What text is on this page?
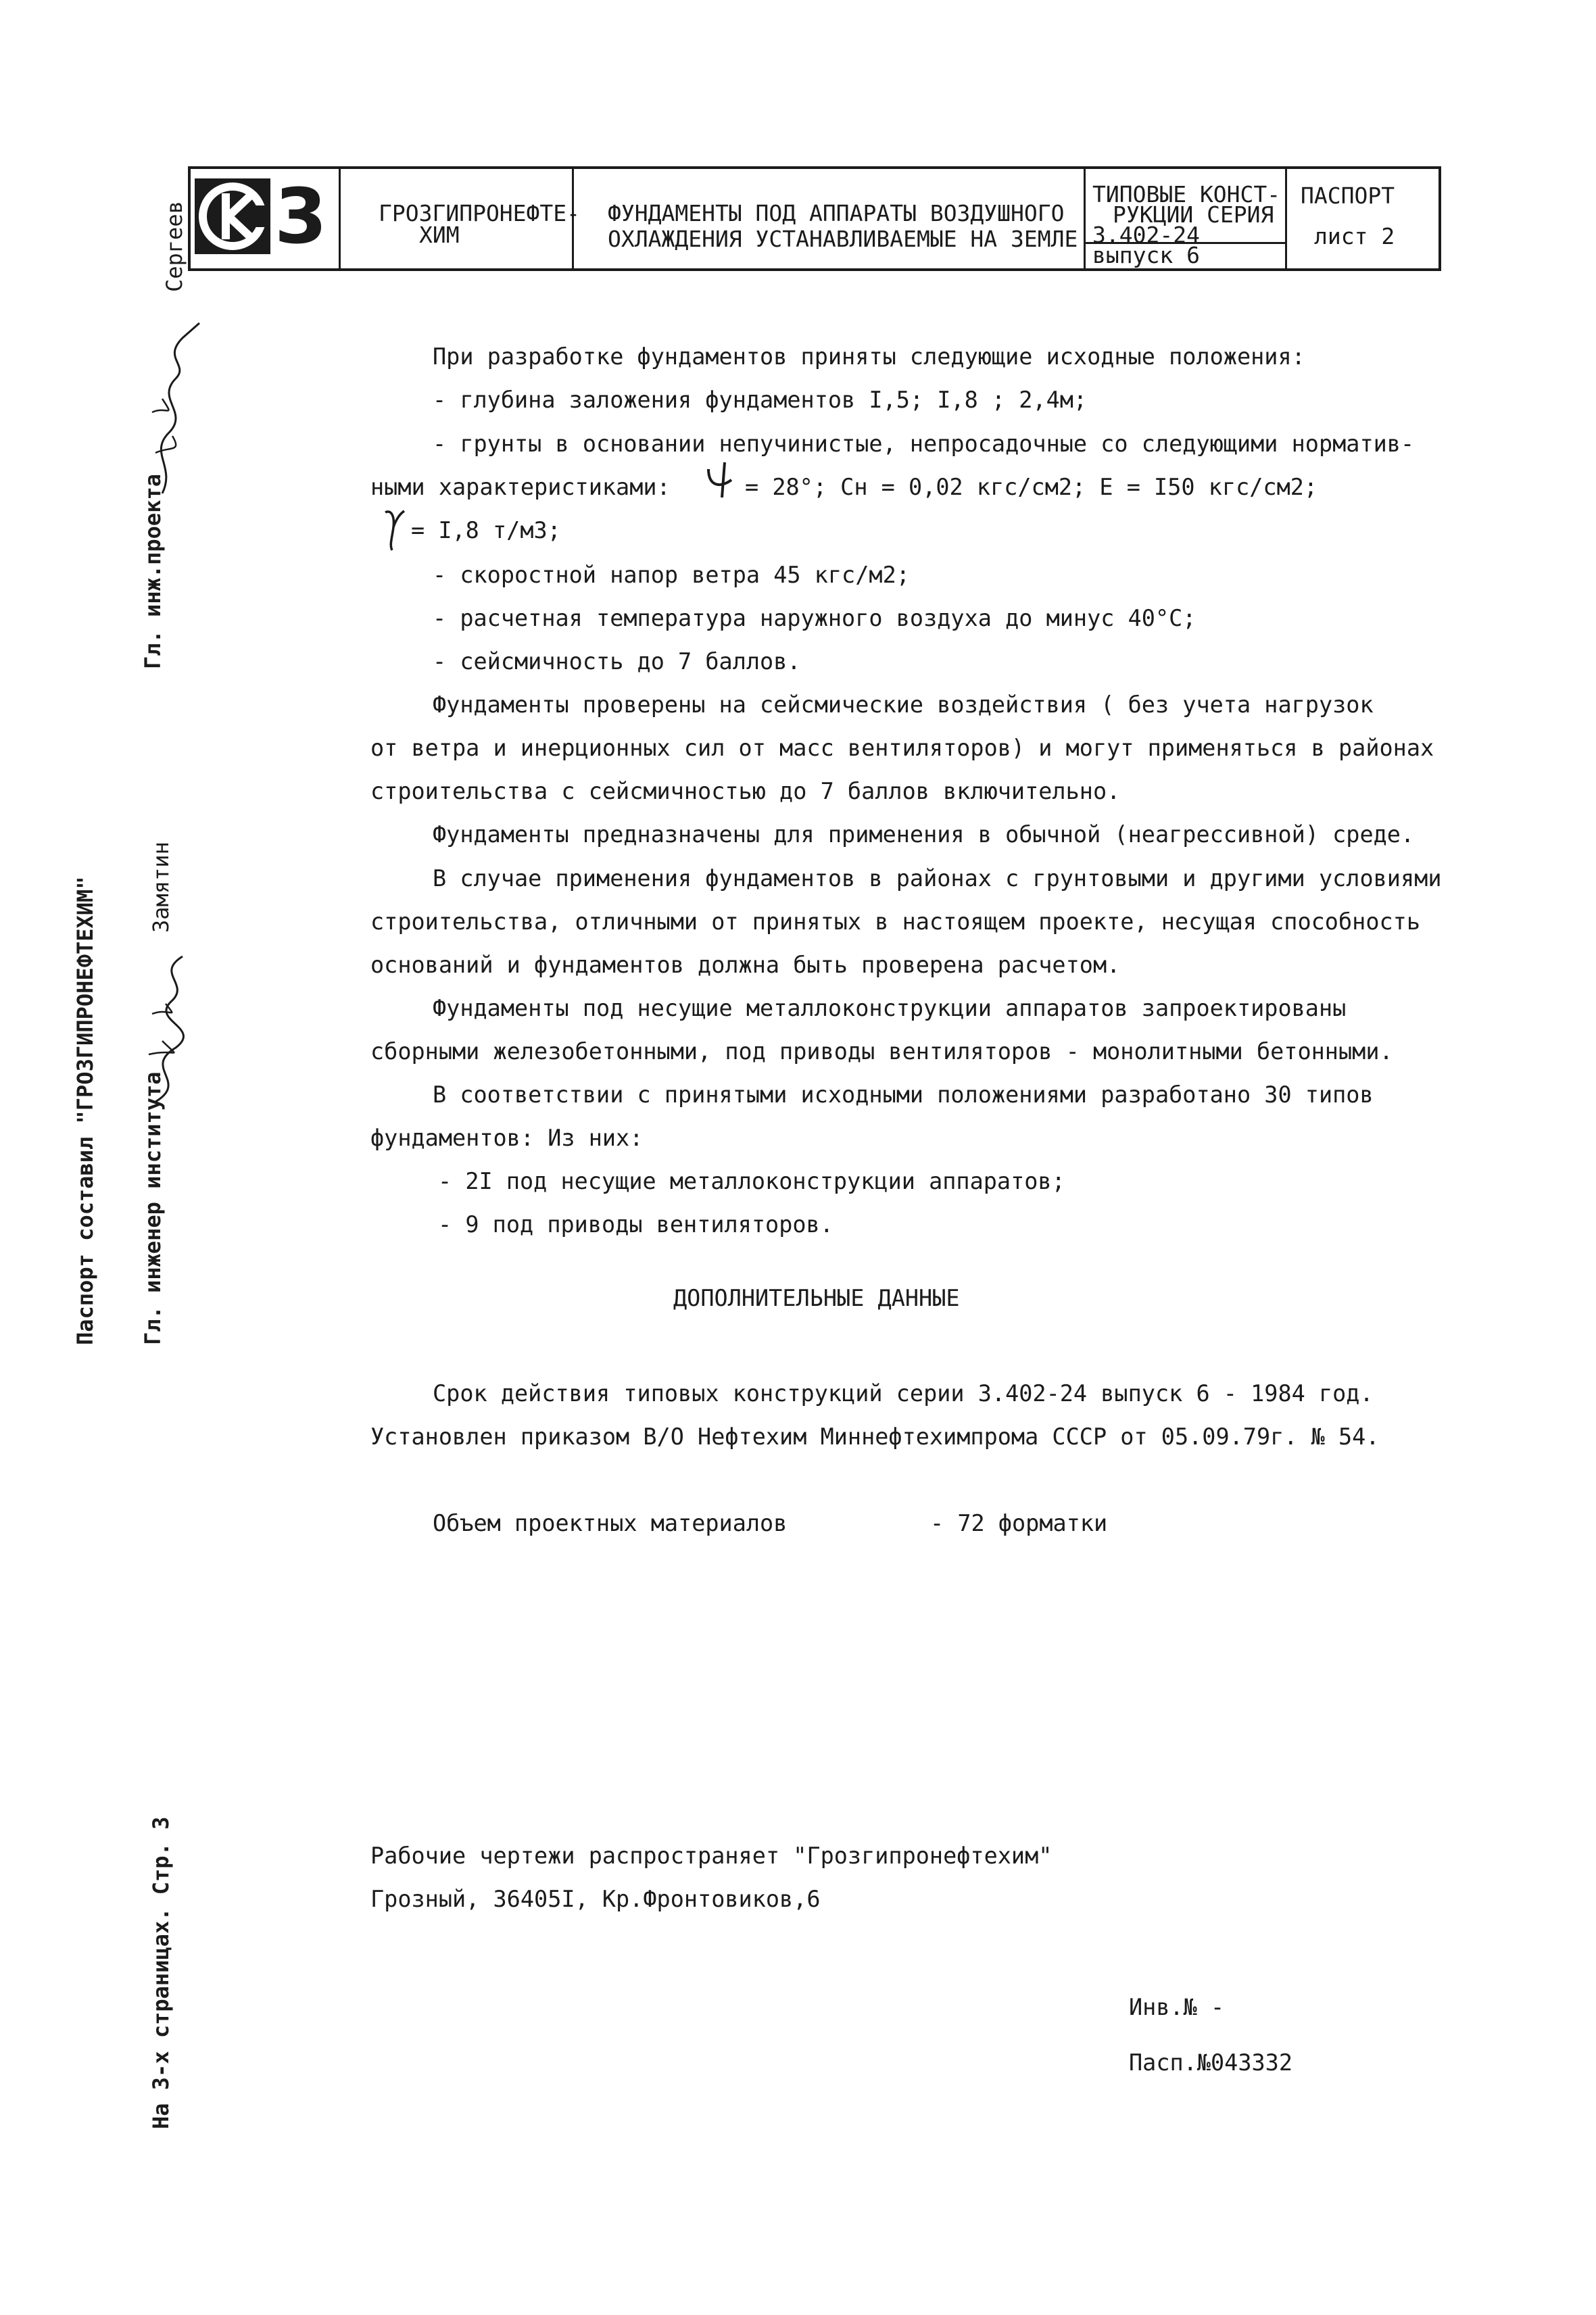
3 ГРОЗГИПРОНЕФТЕ-
ХИМ
ФУНДАМЕНТЫ ПОД АППАРАТЫ ВОЗДУШНОГО
ОХЛАЖДЕНИЯ УСТАНАВЛИВАЕМЫЕ НА ЗЕМЛЕ
ТИПОВЫЕ КОНСТ-
РУКЦИИ СЕРИЯ
3.402-24
выпуск 6
ПАСПОРТ
лист 2
При разработке фундаментов приняты следующие исходные положения:
- глубина заложения фундаментов I,5; I,8 ; 2,4м;
- грунты в основании непучинистые, непросадочные со следующими норматив-
ными характеристиками:	= 28°; Cн = 0,02 кгс/см2; E = I50 кгс/см2;
= I,8 т/м3;
- скоростной напор ветра 45 кгс/м2;
- расчетная температура наружного воздуха до минус 40°С;
- сейсмичность до 7 баллов.
Фундаменты проверены на сейсмические воздействия ( без учета нагрузок
от ветра и инерционных сил от масс вентиляторов) и могут применяться в районах
строительства с сейсмичностью до 7 баллов включительно.
Фундаменты предназначены для применения в обычной (неагрессивной) среде.
В случае применения фундаментов в районах с грунтовыми и другими условиями
строительства, отличными от принятых в настоящем проекте, несущая способность
оснований и фундаментов должна быть проверена расчетом.
Фундаменты под несущие металлоконструкции аппаратов запроектированы
сборными железобетонными, под приводы вентиляторов - монолитными бетонными.
В соответствии с принятыми исходными положениями разработано 30 типов
фундаментов: Из них:
- 2I под несущие металлоконструкции аппаратов;
- 9 под приводы вентиляторов.
ДОПОЛНИТЕЛЬНЫЕ ДАННЫЕ
Срок действия типовых конструкций серии 3.402-24 выпуск 6 - 1984 год.
Установлен приказом В/О Нефтехим Миннефтехимпрома СССР от 05.09.79г. № 54.
Объем проектных материалов	- 72 форматки
Рабочие чертежи распространяет "Грозгипронефтехим"
Грозный, 36405I, Кр.Фронтовиков,6
Инв.№ -
Пасп.№043332
Паспорт составил "ГРОЗГИПРОНЕФТЕХИМ"
На 3-х страницах. Стр. 3
Гл. инж.проекта
Сергеев
Гл. инженер института
Замятин
